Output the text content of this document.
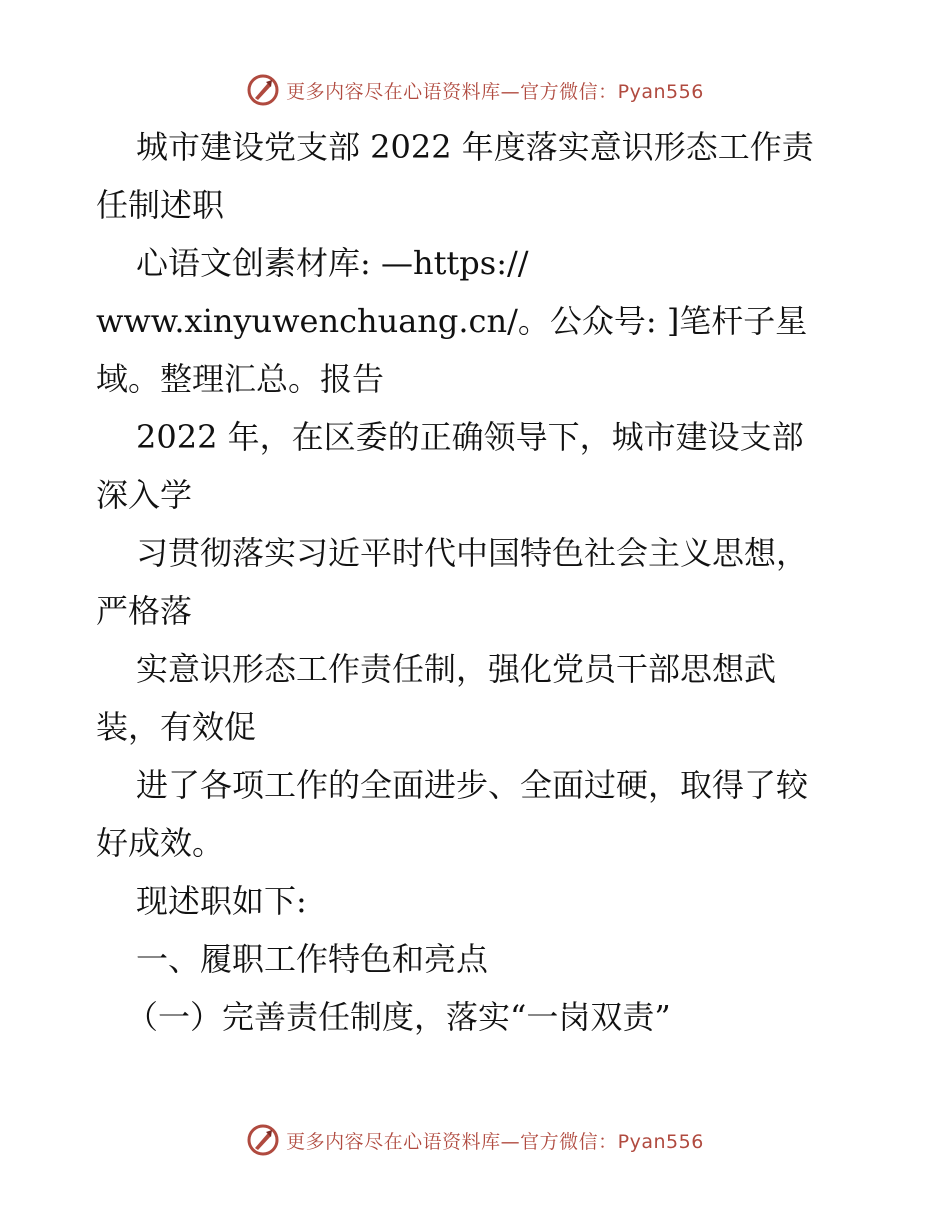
更多内容尽在心语资料库—官方微信：Pyan556

城市建设党支部 2022 年度落实意识形态工作责

任制述职

心语文创素材库: —https://

www.xinyuwenchuang.cn/。公众号: ]笔杆子星

域。整理汇总。报告

2022 年，在区委的正确领导下，城市建设支部

深入学

习贯彻落实习近平时代中国特色社会主义思想，

严格落

实意识形态工作责任制，强化党员干部思想武

装，有效促

进了各项工作的全面进步、全面过硬，取得了较

好成效。

现述职如下:

一、履职工作特色和亮点

（一）完善责任制度，落实“一岗双责”

更多内容尽在心语资料库—官方微信：Pyan556
